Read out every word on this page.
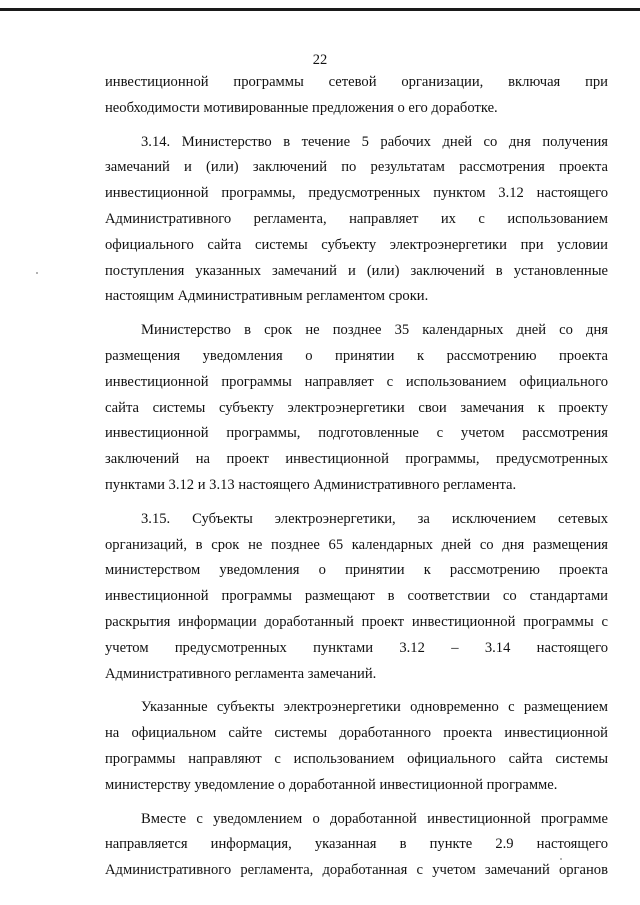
22

инвестиционной программы сетевой организации, включая при
необходимости мотивированные предложения о его доработке.

3.14. Министерство в течение 5 рабочих дней со дня получения
замечаний и (или) заключений по результатам рассмотрения проекта
инвестиционной программы, предусмотренных пунктом 3.12 настоящего
Административного регламента, направляет их с использованием
официального сайта системы субъекту электроэнергетики при условии
поступления указанных замечаний и (или) заключений в установленные
настоящим Административным регламентом сроки.

Министерство в срок не позднее 35 календарных дней со дня
размещения уведомления о принятии к рассмотрению проекта
инвестиционной программы направляет с использованием официального
сайта системы субъекту электроэнергетики свои замечания к проекту
инвестиционной программы, подготовленные с учетом рассмотрения
заключений на проект инвестиционной программы, предусмотренных
пунктами 3.12 и 3.13 настоящего Административного регламента.

3.15. Субъекты электроэнергетики, за исключением сетевых
организаций, в срок не позднее 65 календарных дней со дня размещения
министерством уведомления о принятии к рассмотрению проекта
инвестиционной программы размещают в соответствии со стандартами
раскрытия информации доработанный проект инвестиционной программы с
учетом предусмотренных пунктами 3.12 – 3.14 настоящего
Административного регламента замечаний.

Указанные субъекты электроэнергетики одновременно с размещением
на официальном сайте системы доработанного проекта инвестиционной
программы направляют с использованием официального сайта системы
министерству уведомление о доработанной инвестиционной программе.

Вместе с уведомлением о доработанной инвестиционной программе
направляется информация, указанная в пункте 2.9 настоящего
Административного регламента, доработанная с учетом замечаний органов
